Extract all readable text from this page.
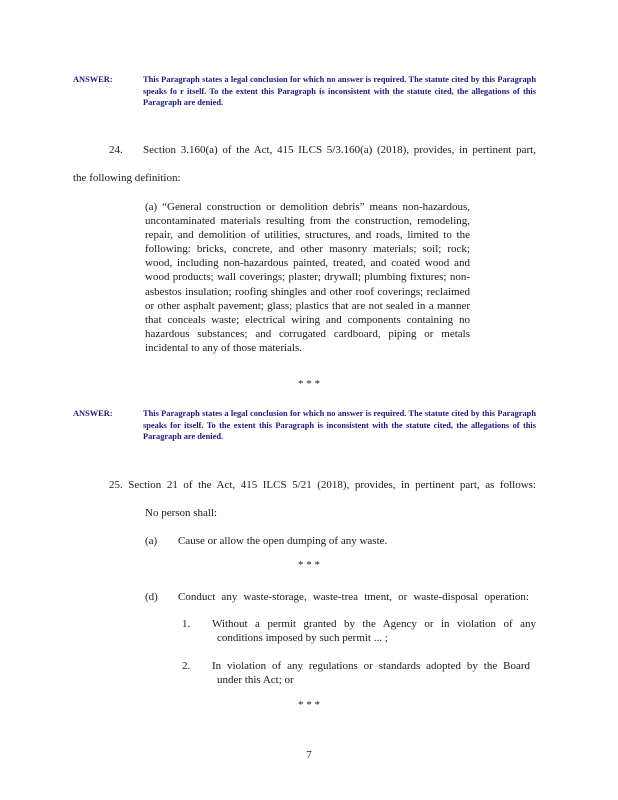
ANSWER:	This Paragraph states a legal conclusion for which no answer is required. The statute cited by this Paragraph speaks fo r itself. To the extent this Paragraph is inconsistent with the statute cited, the allegations of this Paragraph are denied.
24. Section 3.160(a) of the Act, 415 ILCS 5/3.160(a) (2018), provides, in pertinent part,
the following definition:
(a) “General construction or demolition debris” means non-hazardous, uncontaminated materials resulting from the construction, remodeling, repair, and demolition of utilities, structures, and roads, limited to the following: bricks, concrete, and other masonry materials; soil; rock; wood, including non-hazardous painted, treated, and coated wood and wood products; wall coverings; plaster; drywall; plumbing fixtures; non-asbestos insulation; roofing shingles and other roof coverings; reclaimed or other asphalt pavement; glass; plastics that are not sealed in a manner that conceals waste; electrical wiring and components containing no hazardous substances; and corrugated cardboard, piping or metals incidental to any of those materials.
* * *
ANSWER:	This Paragraph states a legal conclusion for which no answer is required. The statute cited by this Paragraph speaks for itself. To the extent this Paragraph is inconsistent with the statute cited, the allegations of this Paragraph are denied.
25. Section 21 of the Act, 415 ILCS 5/21 (2018), provides, in pertinent part, as follows:
No person shall:
(a) Cause or allow the open dumping of any waste.
* * *
(d) Conduct any waste-storage, waste-trea tment, or waste-disposal operation:
1. Without a permit granted by the Agency or in violation of any
conditions imposed by such permit ... ;
2. In violation of any regulations or standards adopted by the Board
under this Act; or
* * *
7
